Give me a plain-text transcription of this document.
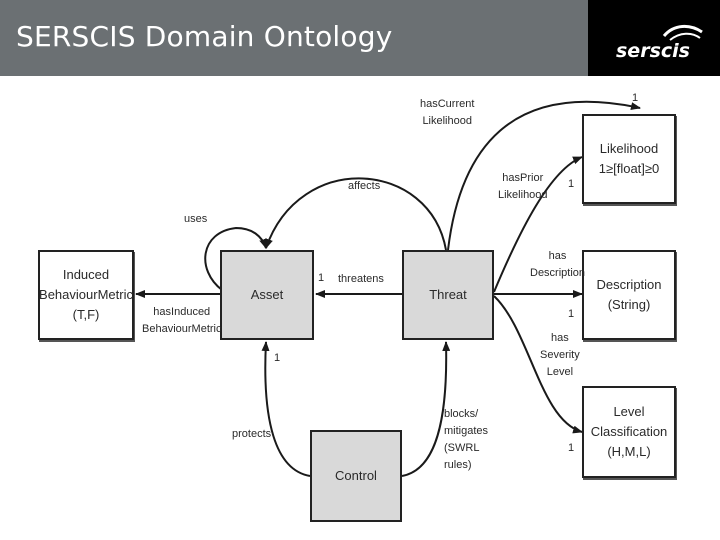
SERSCIS Domain Ontology	serscis
Induced
BehaviourMetric
(T,F)
Asset	Threat
Control
Likelihood
1≥[float]≥0
Description
(String)
Level
Classification
(H,M,L)
uses
affects
threatens
hasInduced
BehaviourMetric
protects
blocks/
mitigates
(SWRL
rules)
hasCurrent
Likelihood
hasPrior
Likelihood
has
Description
has
Severity
Level
1
1
1
1
1
1
